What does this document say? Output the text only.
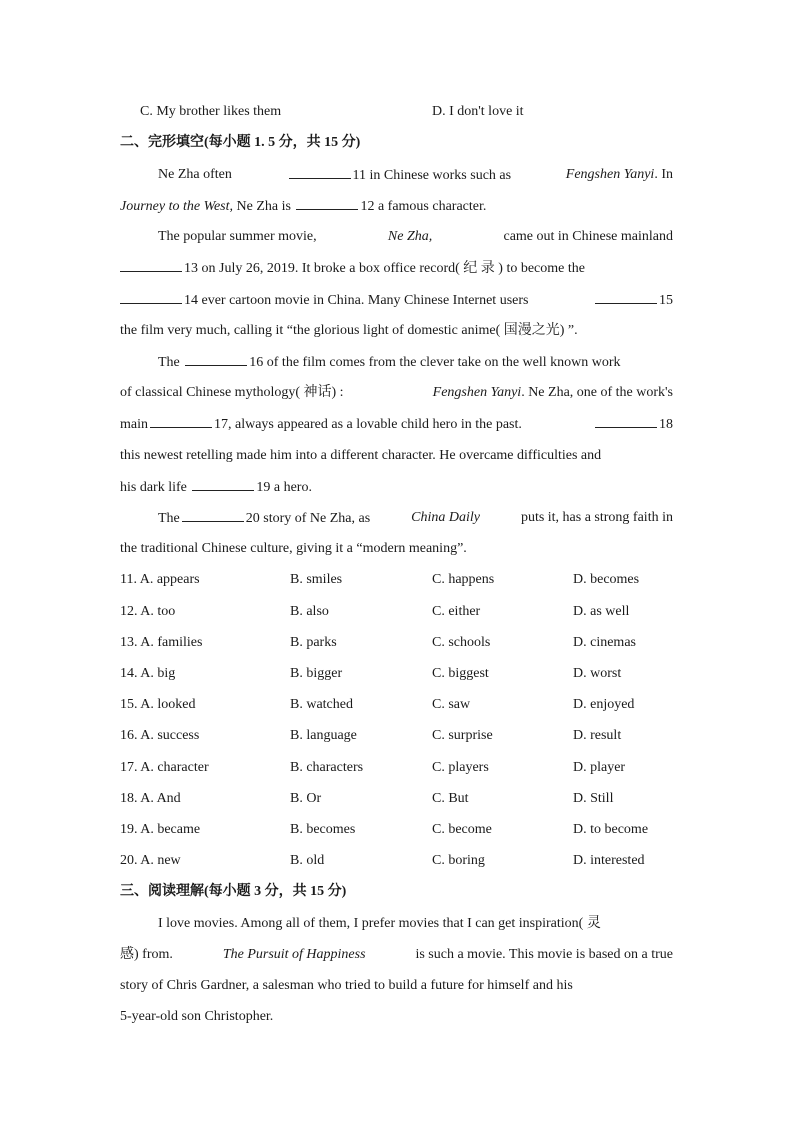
C. My brother likes them	D. I don't love it
二、完形填空(每小题 1. 5 分，共 15 分)
Ne Zha often	11 in Chinese works such as	Fengshen Yanyi. In
Journey to the West, Ne Zha is	12 a famous character.
The popular summer movie,	Ne Zha,	came out in Chinese mainland
13 on July 26, 2019. It broke a box office record( 纪 录 ) to become the
14 ever cartoon movie in China. Many Chinese Internet users	15
the film very much, calling it “the glorious light of domestic anime( 国漫之光) ”.
The	16 of the film comes from the clever take on the well known work
of classical Chinese mythology( 神话) :	Fengshen Yanyi. Ne Zha, one of the work's
main	17, always appeared as a lovable child hero in the past.	18
this newest retelling made him into a different character. He overcame difficulties and
his dark life	19 a hero.
The	20 story of Ne Zha, as	China Daily	puts it, has a strong faith in
the traditional Chinese culture, giving it a “modern meaning”.
11. A. appears	B. smiles	C. happens	D. becomes
12. A. too	B. also	C. either	D. as well
13. A. families	B. parks	C. schools	D. cinemas
14. A. big	B. bigger	C. biggest	D. worst
15. A. looked	B. watched	C. saw	D. enjoyed
16. A. success	B. language	C. surprise	D. result
17. A. character	B. characters	C. players	D. player
18. A. And	B. Or	C. But	D. Still
19. A. became	B. becomes	C. become	D. to become
20. A. new	B. old	C. boring	D. interested
三、阅读理解(每小题 3 分，共 15 分)
I love movies. Among all of them, I prefer movies that I can get inspiration( 灵
感) from.	The Pursuit of Happiness	is such a movie. This movie is based on a true
story of Chris Gardner, a salesman who tried to build a future for himself and his
5-year-old son Christopher.
